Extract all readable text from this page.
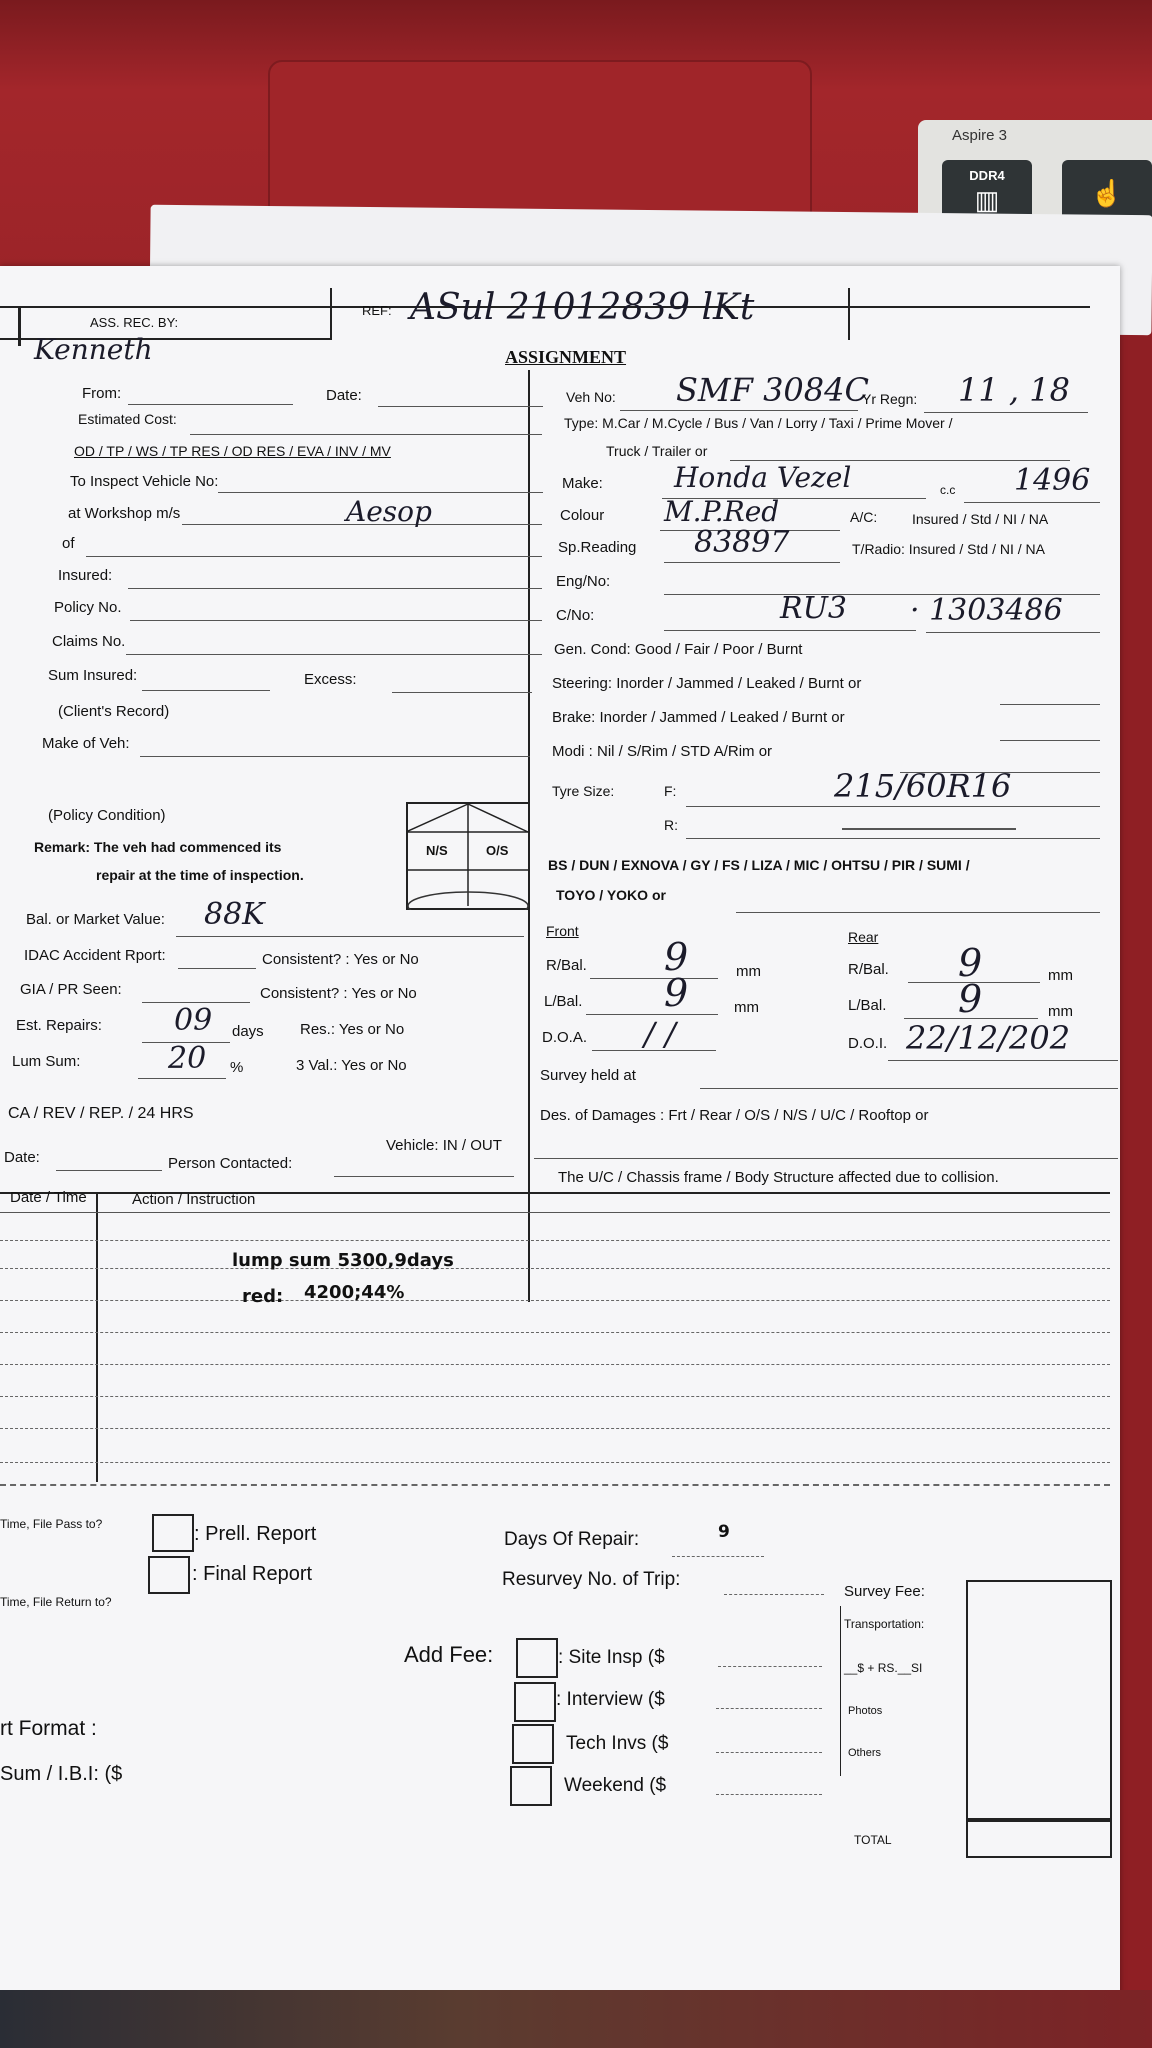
Aspire 3
DDR4
▥	☝
ASS. REC. BY:
REF: ASul 21012839 lKt
Kenneth	ASSIGNMENT
From:	Date:
Estimated Cost:
OD / TP / WS / TP RES / OD RES / EVA / INV / MV
To Inspect Vehicle No:
at Workshop m/s	Aesop
of
Insured:
Policy No.
Claims No.
Sum Insured:	Excess:
(Client's Record)
Make of Veh:
(Policy Condition)
Remark: The veh had commenced its
repair at the time of inspection.
N/S	O/S
Bal. or Market Value: 88K
IDAC Accident Rport:	Consistent? : Yes or No
GIA / PR Seen:	Consistent? : Yes or No
Est. Repairs: 09 days Res.: Yes or No
Lum Sum:	20 %	3 Val.: Yes or No
CA / REV / REP. / 24 HRS
Vehicle: IN / OUT
Date:	Person Contacted:
Veh No: SMF 3084C
Yr Regn: 11 , 18
Type: M.Car / M.Cycle / Bus / Van / Lorry / Taxi / Prime Mover /
Truck / Trailer or
Make:	Honda Vezel	c.c 1496
Colour M.P.Red	A/C: Insured / Std / NI / NA
Sp.Reading 83897	T/Radio: Insured / Std / NI / NA
Eng/No:
C/No:	RU3 · 1303486
Gen. Cond: Good / Fair / Poor / Burnt
Steering: Inorder / Jammed / Leaked / Burnt or
Brake: Inorder / Jammed / Leaked / Burnt or
Modi : Nil / S/Rim / STD A/Rim or
Tyre Size:	F:	215/60R16
R:
BS / DUN / EXNOVA / GY / FS / LIZA / MIC / OHTSU / PIR / SUMI /
TOYO / YOKO or
Front	Rear
R/Bal. 9	mm	R/Bal. 9	mm
L/Bal. 9	mm	L/Bal. 9	mm
D.O.A. / /	D.O.I. 22/12/202
Survey held at
Des. of Damages : Frt / Rear / O/S / N/S / U/C / Rooftop or
The U/C / Chassis frame / Body Structure affected due to collision.
Date / Time	Action / Instruction
lump sum 5300,9days
red: 4200;44%
Time, File Pass to?
Time, File Return to?
: Prell. Report
: Final Report
Days Of Repair:	9
Resurvey No. of Trip:
Survey Fee:
Transportation:
__$ + RS.__SI
Photos
Others
TOTAL
Add Fee:	: Site Insp ($
: Interview ($
Tech Invs ($
Weekend ($
rt Format :
Sum / I.B.I: ($
